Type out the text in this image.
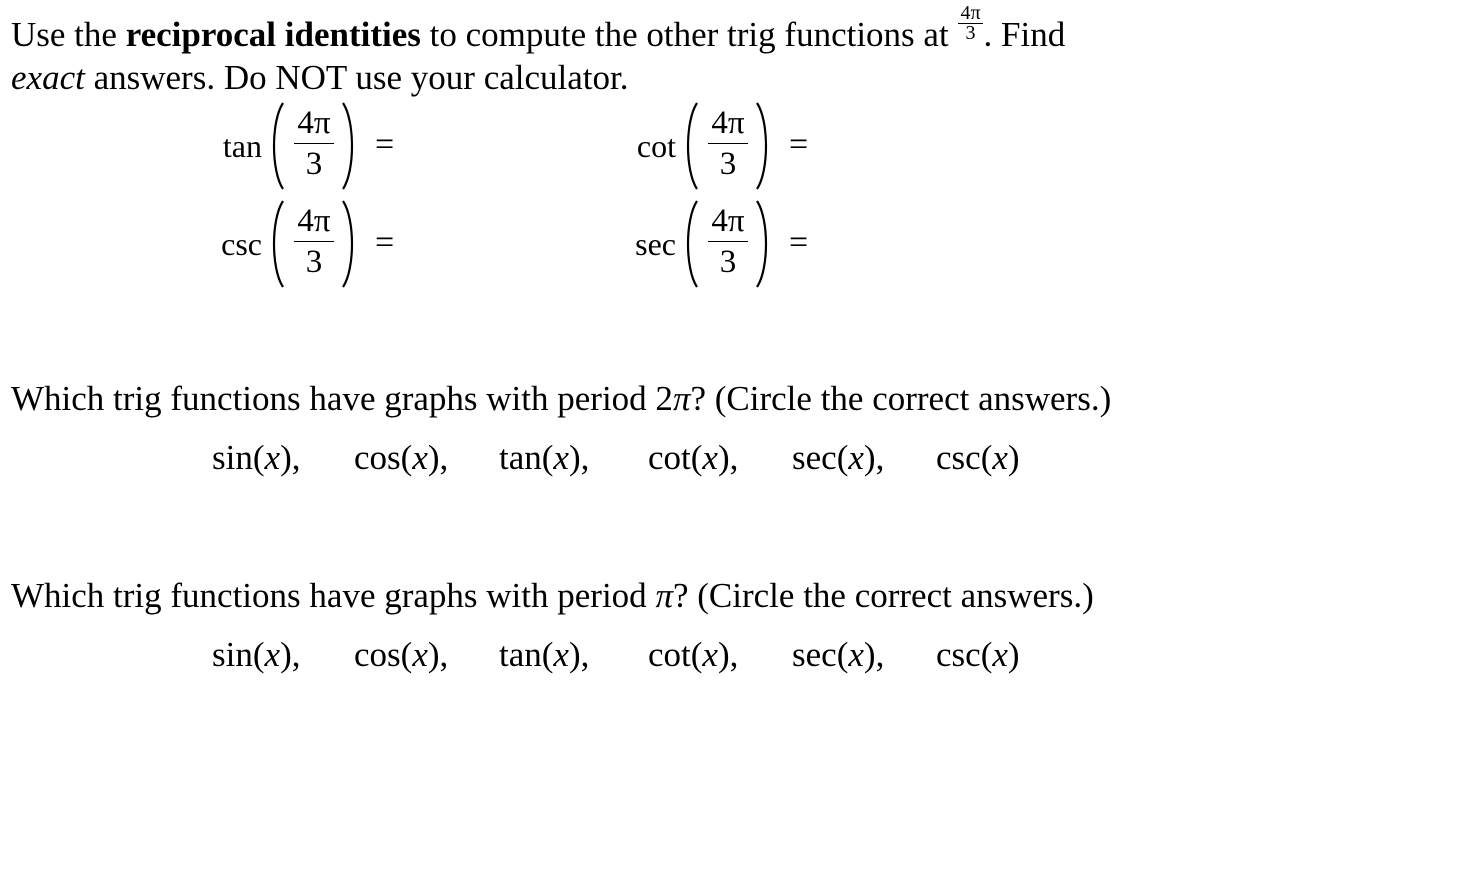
Use the reciprocal identities to compute the other trig functions at $\frac{4\pi}{3}$ . Find
exact answers. Do NOT use your calculator.
tan
4π
3
=	cot
4π
3
=
csc
4π
3
=	sec
4π
3
=
Which trig functions have graphs with period 2π? (Circle the correct answers.)
sin(x), cos(x), tan(x), cot(x), sec(x), csc(x)
Which trig functions have graphs with period π? (Circle the correct answers.)
sin(x), cos(x), tan(x), cot(x), sec(x), csc(x)
